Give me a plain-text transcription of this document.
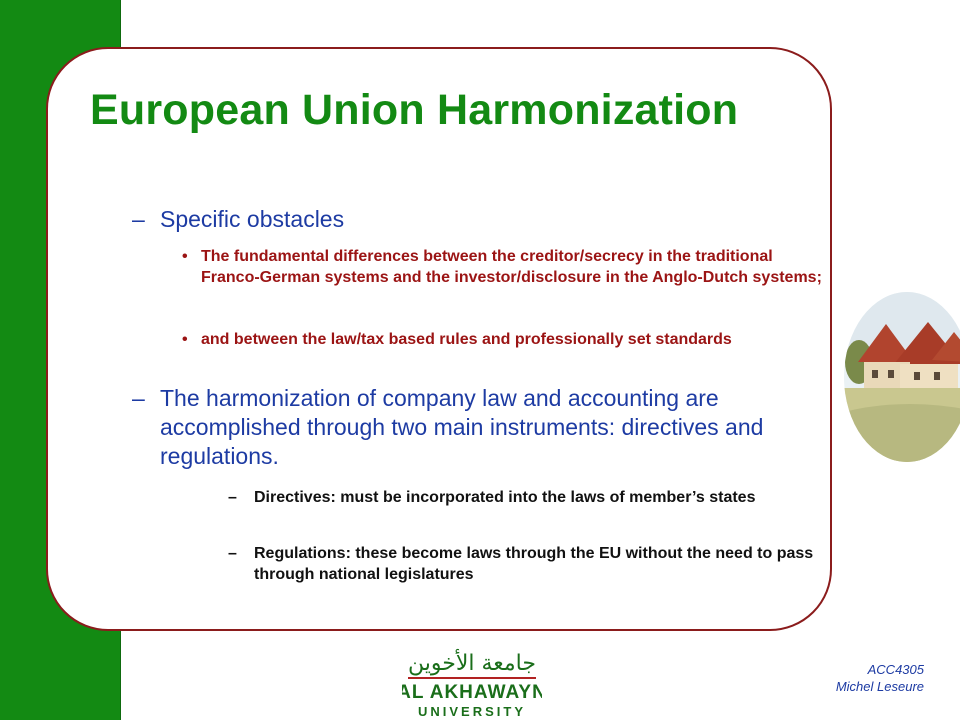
European Union Harmonization
– Specific obstacles
• The fundamental differences between the creditor/secrecy in the traditional Franco-German systems and the investor/disclosure in the Anglo-Dutch systems;
• and between the law/tax based rules and professionally set standards
– The harmonization of company law and accounting are accomplished through two main instruments: directives and regulations.
– Directives: must be incorporated into the laws of member’s states
– Regulations: these become laws through the EU without the need to pass through national legislatures
جامعة الأخوين
AL AKHAWAYN
UNIVERSITY
ACC4305
Michel Leseure
